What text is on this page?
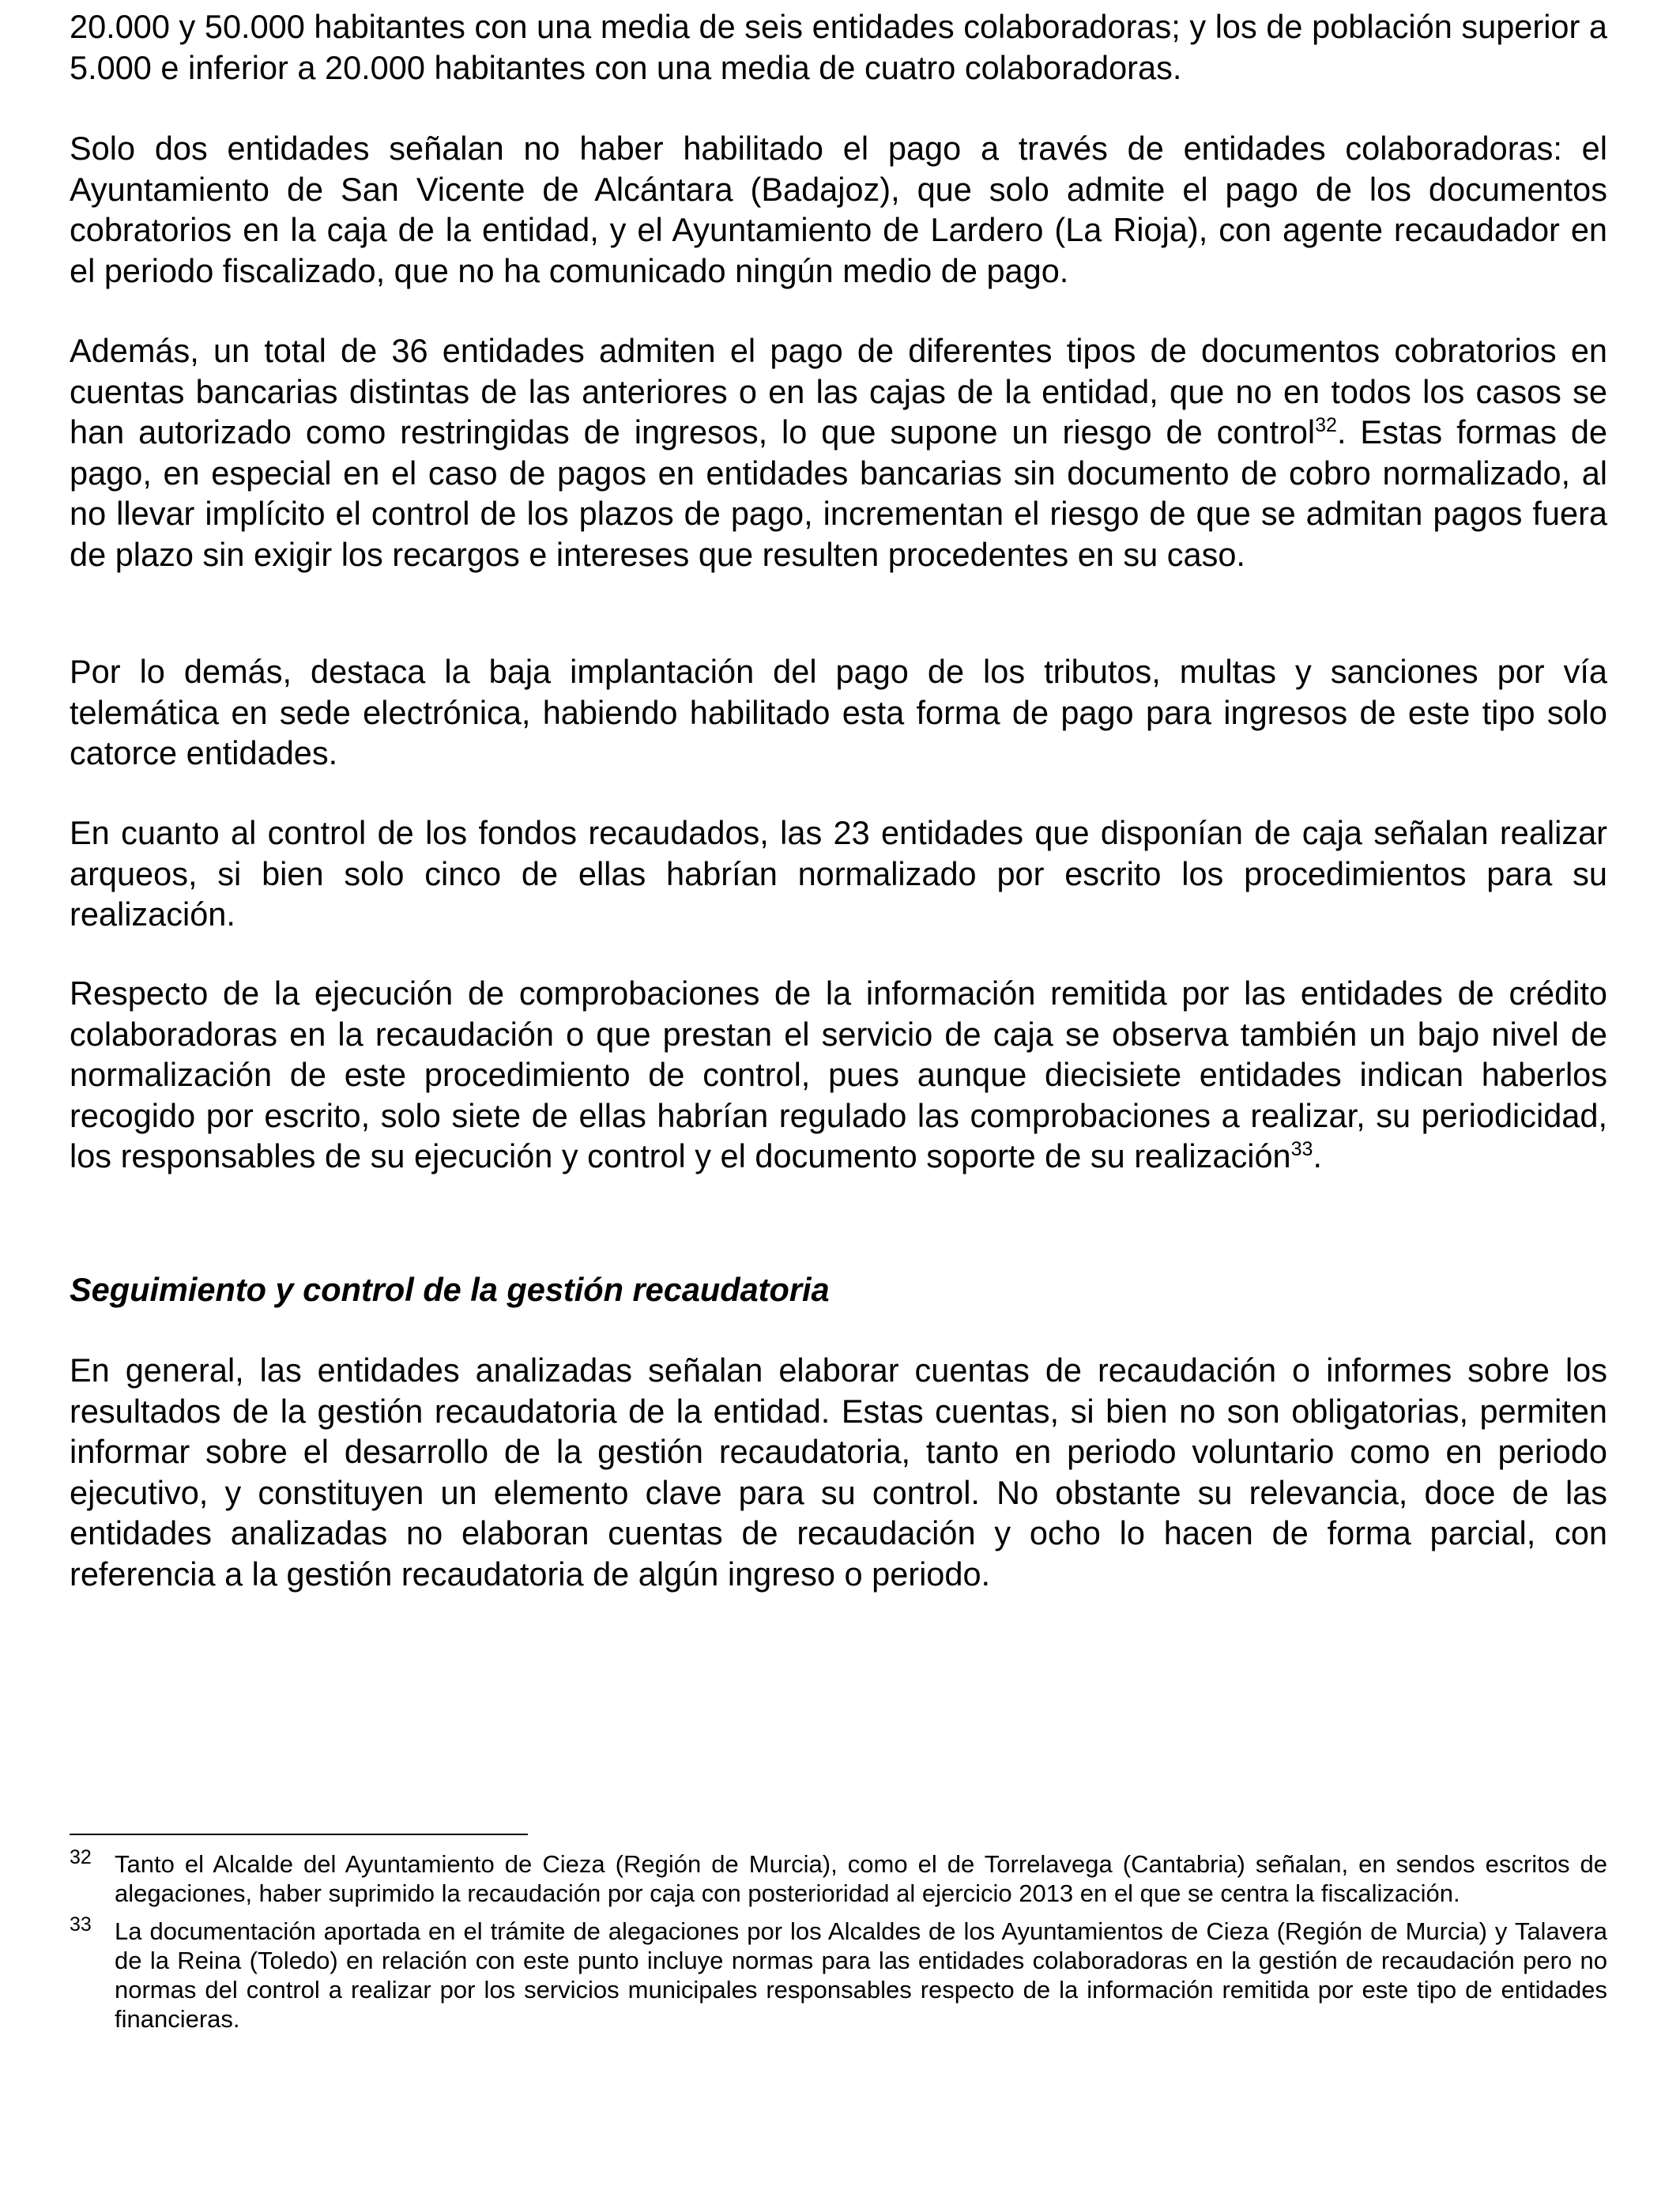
20.000 y 50.000 habitantes con una media de seis entidades colaboradoras; y los de población superior a 5.000 e inferior a 20.000 habitantes con una media de cuatro colaboradoras.

Solo dos entidades señalan no haber habilitado el pago a través de entidades colaboradoras: el Ayuntamiento de San Vicente de Alcántara (Badajoz), que solo admite el pago de los documentos cobratorios en la caja de la entidad, y el Ayuntamiento de Lardero (La Rioja), con agente recaudador en el periodo fiscalizado, que no ha comunicado ningún medio de pago.

Además, un total de 36 entidades admiten el pago de diferentes tipos de documentos cobratorios en cuentas bancarias distintas de las anteriores o en las cajas de la entidad, que no en todos los casos se han autorizado como restringidas de ingresos, lo que supone un riesgo de control$^{32}$. Estas formas de pago, en especial en el caso de pagos en entidades bancarias sin documento de cobro normalizado, al no llevar implícito el control de los plazos de pago, incrementan el riesgo de que se admitan pagos fuera de plazo sin exigir los recargos e intereses que resulten procedentes en su caso.

Por lo demás, destaca la baja implantación del pago de los tributos, multas y sanciones por vía telemática en sede electrónica, habiendo habilitado esta forma de pago para ingresos de este tipo solo catorce entidades.

En cuanto al control de los fondos recaudados, las 23 entidades que disponían de caja señalan realizar arqueos, si bien solo cinco de ellas habrían normalizado por escrito los procedimientos para su realización.

Respecto de la ejecución de comprobaciones de la información remitida por las entidades de crédito colaboradoras en la recaudación o que prestan el servicio de caja se observa también un bajo nivel de normalización de este procedimiento de control, pues aunque diecisiete entidades indican haberlos recogido por escrito, solo siete de ellas habrían regulado las comprobaciones a realizar, su periodicidad, los responsables de su ejecución y control y el documento soporte de su realización$^{33}$.

Seguimiento y control de la gestión recaudatoria

En general, las entidades analizadas señalan elaborar cuentas de recaudación o informes sobre los resultados de la gestión recaudatoria de la entidad. Estas cuentas, si bien no son obligatorias, permiten informar sobre el desarrollo de la gestión recaudatoria, tanto en periodo voluntario como en periodo ejecutivo, y constituyen un elemento clave para su control. No obstante su relevancia, doce de las entidades analizadas no elaboran cuentas de recaudación y ocho lo hacen de forma parcial, con referencia a la gestión recaudatoria de algún ingreso o periodo.

32 Tanto el Alcalde del Ayuntamiento de Cieza (Región de Murcia), como el de Torrelavega (Cantabria) señalan, en sendos escritos de alegaciones, haber suprimido la recaudación por caja con posterioridad al ejercicio 2013 en el que se centra la fiscalización.
33 La documentación aportada en el trámite de alegaciones por los Alcaldes de los Ayuntamientos de Cieza (Región de Murcia) y Talavera de la Reina (Toledo) en relación con este punto incluye normas para las entidades colaboradoras en la gestión de recaudación pero no normas del control a realizar por los servicios municipales responsables respecto de la información remitida por este tipo de entidades financieras.
